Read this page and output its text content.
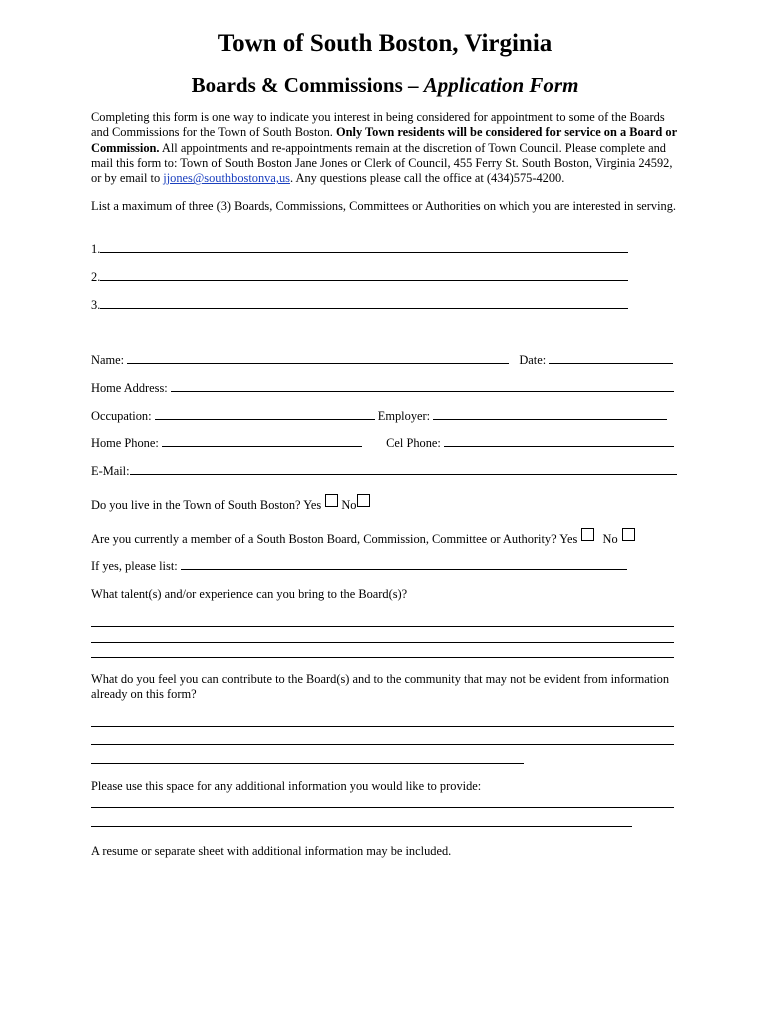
Town of South Boston, Virginia
Boards & Commissions – Application Form

Completing this form is one way to indicate you interest in being considered for appointment to some of the Boards and Commissions for the Town of South Boston. Only Town residents will be considered for service on a Board or Commission. All appointments and re-appointments remain at the discretion of Town Council. Please complete and mail this form to: Town of South Boston Jane Jones or Clerk of Council, 455 Ferry St. South Boston, Virginia 24592, or by email to jjones@southbostonva,us. Any questions please call the office at (434)575-4200.

List a maximum of three (3) Boards, Commissions, Committees or Authorities on which you are interested in serving.

1.
2.
3.
Name:	Date:
Home Address:
Occupation:	Employer:
Home Phone:	Cel Phone:
E-Mail:
Do you live in the Town of South Boston? Yes No
Are you currently a member of a South Boston Board, Commission, Committee or Authority? Yes No
If yes, please list:
What talent(s) and/or experience can you bring to the Board(s)?
What do you feel you can contribute to the Board(s) and to the community that may not be evident from information already on this form?
Please use this space for any additional information you would like to provide:
A resume or separate sheet with additional information may be included.
